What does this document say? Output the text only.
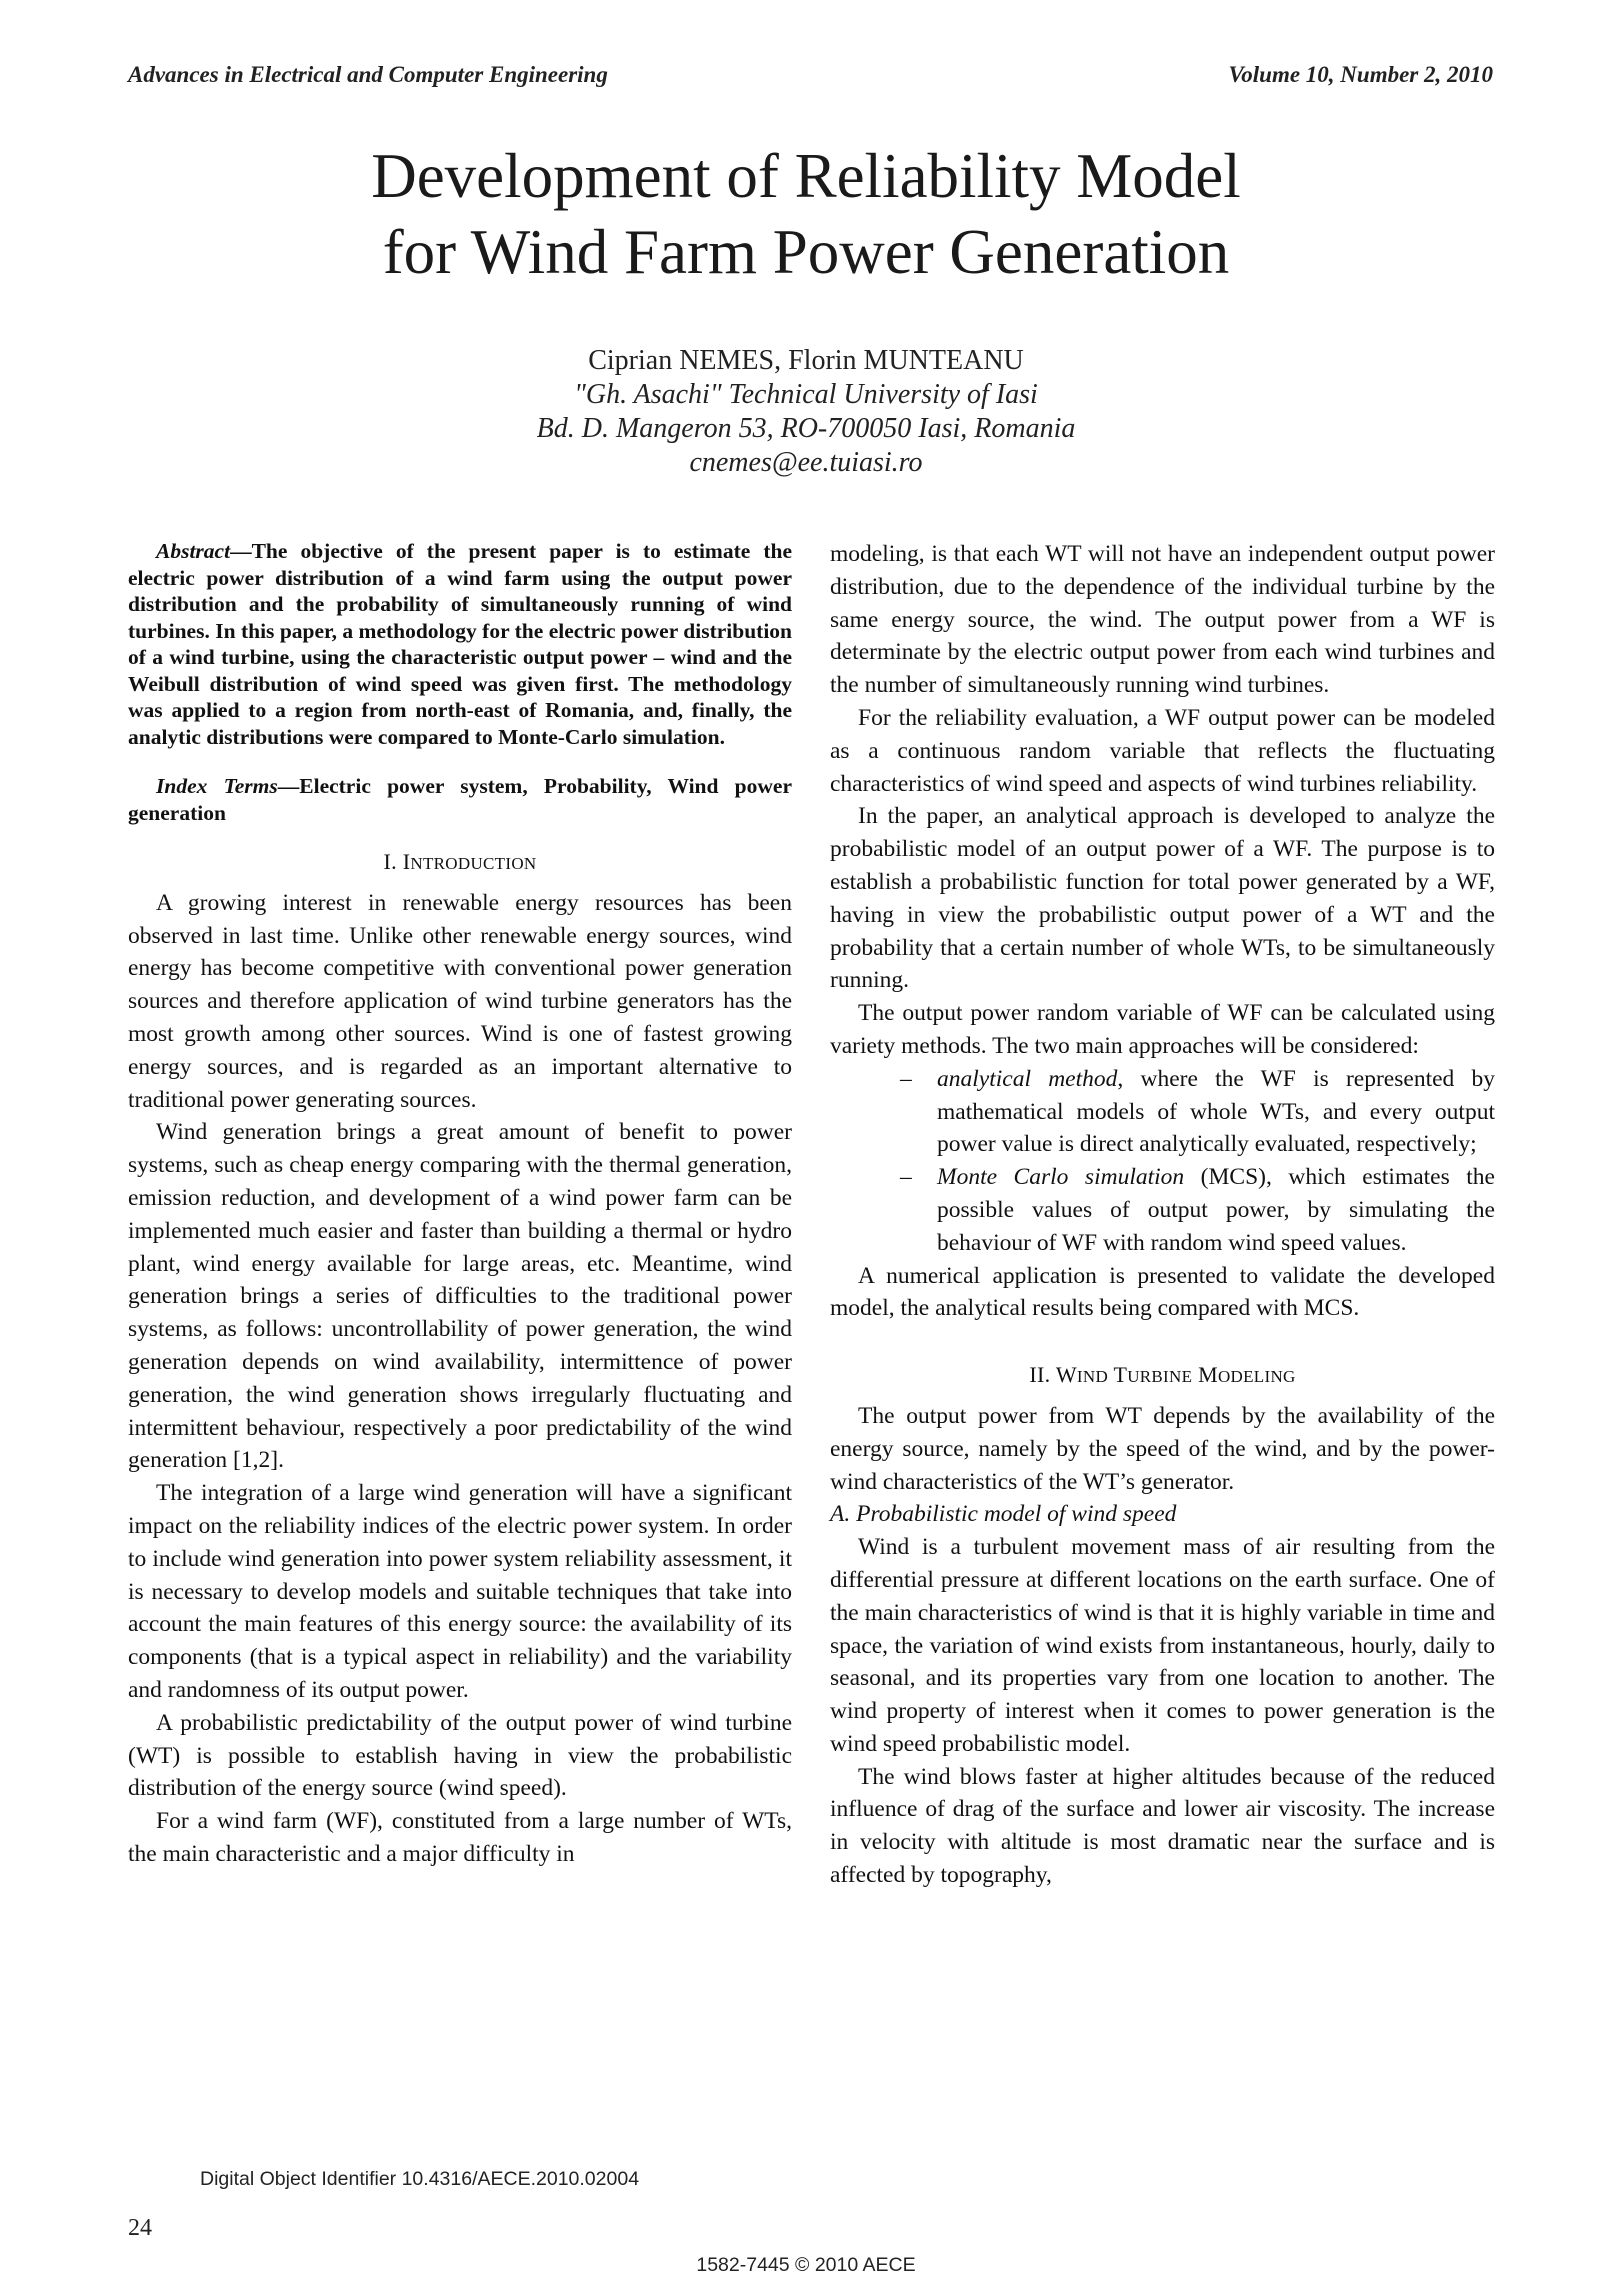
Advances in Electrical and Computer Engineering	Volume 10, Number 2, 2010
Development of Reliability Model
for Wind Farm Power Generation
Ciprian NEMES, Florin MUNTEANU
"Gh. Asachi" Technical University of Iasi
Bd. D. Mangeron 53, RO-700050 Iasi, Romania
cnemes@ee.tuiasi.ro

Abstract—The objective of the present paper is to estimate the electric power distribution of a wind farm using the output power distribution and the probability of simultaneously running of wind turbines. In this paper, a methodology for the electric power distribution of a wind turbine, using the characteristic output power – wind and the Weibull distribution of wind speed was given first. The methodology was applied to a region from north-east of Romania, and, finally, the analytic distributions were compared to Monte-Carlo simulation.

Index Terms—Electric power system, Probability, Wind power generation

I. INTRODUCTION

A growing interest in renewable energy resources has been observed in last time. Unlike other renewable energy sources, wind energy has become competitive with conventional power generation sources and therefore application of wind turbine generators has the most growth among other sources. Wind is one of fastest growing energy sources, and is regarded as an important alternative to traditional power generating sources.

Wind generation brings a great amount of benefit to power systems, such as cheap energy comparing with the thermal generation, emission reduction, and development of a wind power farm can be implemented much easier and faster than building a thermal or hydro plant, wind energy available for large areas, etc. Meantime, wind generation brings a series of difficulties to the traditional power systems, as follows: uncontrollability of power generation, the wind generation depends on wind availability, intermittence of power generation, the wind generation shows irregularly fluctuating and intermittent behaviour, respectively a poor predictability of the wind generation [1,2].

The integration of a large wind generation will have a significant impact on the reliability indices of the electric power system. In order to include wind generation into power system reliability assessment, it is necessary to develop models and suitable techniques that take into account the main features of this energy source: the availability of its components (that is a typical aspect in reliability) and the variability and randomness of its output power.

A probabilistic predictability of the output power of wind turbine (WT) is possible to establish having in view the probabilistic distribution of the energy source (wind speed).

For a wind farm (WF), constituted from a large number of WTs, the main characteristic and a major difficulty in

modeling, is that each WT will not have an independent output power distribution, due to the dependence of the individual turbine by the same energy source, the wind. The output power from a WF is determinate by the electric output power from each wind turbines and the number of simultaneously running wind turbines.

For the reliability evaluation, a WF output power can be modeled as a continuous random variable that reflects the fluctuating characteristics of wind speed and aspects of wind turbines reliability.

In the paper, an analytical approach is developed to analyze the probabilistic model of an output power of a WF. The purpose is to establish a probabilistic function for total power generated by a WF, having in view the probabilistic output power of a WT and the probability that a certain number of whole WTs, to be simultaneously running.

The output power random variable of WF can be calculated using variety methods. The two main approaches will be considered:

– analytical method, where the WF is represented by mathematical models of whole WTs, and every output power value is direct analytically evaluated, respectively;
– Monte Carlo simulation (MCS), which estimates the possible values of output power, by simulating the behaviour of WF with random wind speed values.

A numerical application is presented to validate the developed model, the analytical results being compared with MCS.

II. WIND TURBINE MODELING

The output power from WT depends by the availability of the energy source, namely by the speed of the wind, and by the power-wind characteristics of the WT’s generator.

A. Probabilistic model of wind speed

Wind is a turbulent movement mass of air resulting from the differential pressure at different locations on the earth surface. One of the main characteristics of wind is that it is highly variable in time and space, the variation of wind exists from instantaneous, hourly, daily to seasonal, and its properties vary from one location to another. The wind property of interest when it comes to power generation is the wind speed probabilistic model.

The wind blows faster at higher altitudes because of the reduced influence of drag of the surface and lower air viscosity. The increase in velocity with altitude is most dramatic near the surface and is affected by topography,

Digital Object Identifier 10.4316/AECE.2010.02004
24
1582-7445 © 2010 AECE
